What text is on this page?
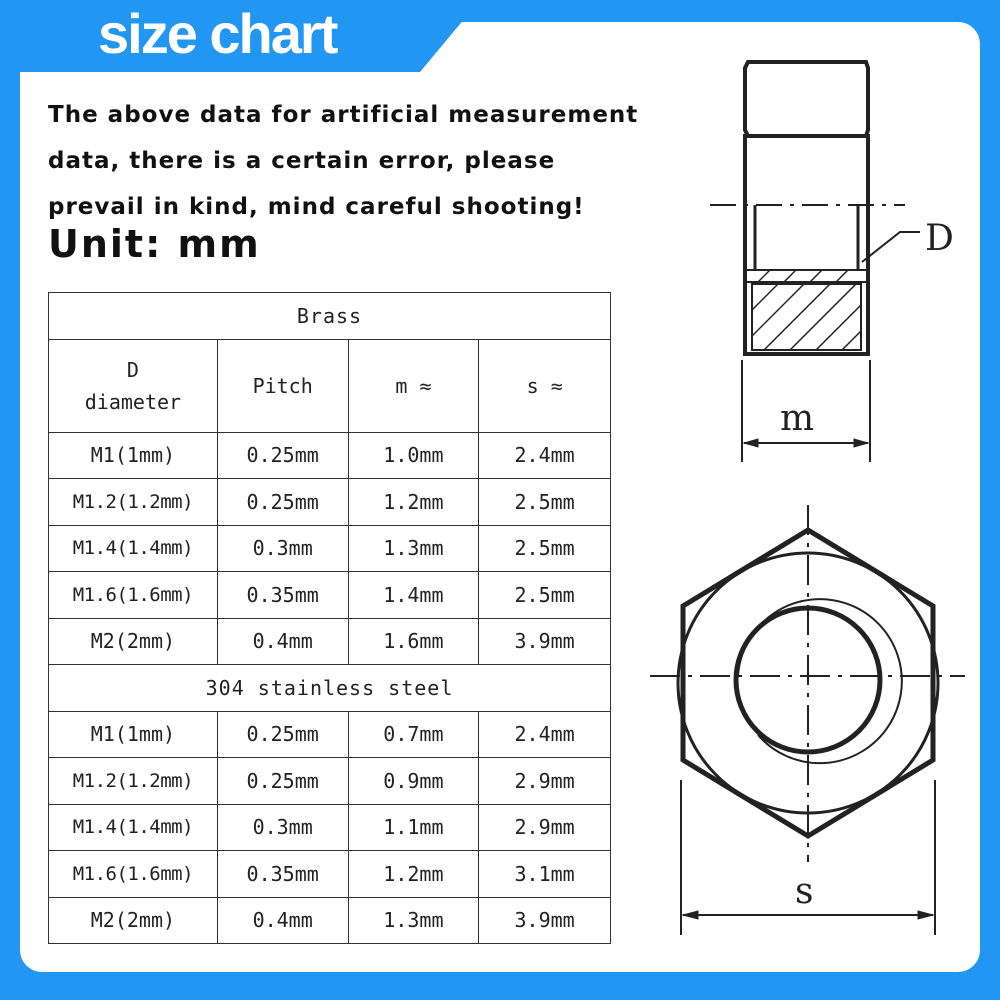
size chart

The above data for artificial measurement
data, there is a certain error, please
prevail in kind, mind careful shooting!

Unit: mm

Brass			
D
diameter	Pitch	m ≈	s ≈
M1(1mm)	0.25mm	1.0mm	2.4mm
M1.2(1.2mm)	0.25mm	1.2mm	2.5mm
M1.4(1.4mm)	0.3mm	1.3mm	2.5mm
M1.6(1.6mm)	0.35mm	1.4mm	2.5mm
M2(2mm)	0.4mm	1.6mm	3.9mm
304 stainless steel			
M1(1mm)	0.25mm	0.7mm	2.4mm
M1.2(1.2mm)	0.25mm	0.9mm	2.9mm
M1.4(1.4mm)	0.3mm	1.1mm	2.9mm
M1.6(1.6mm)	0.35mm	1.2mm	3.1mm
M2(2mm)	0.4mm	1.3mm	3.9mm
D
m
s
